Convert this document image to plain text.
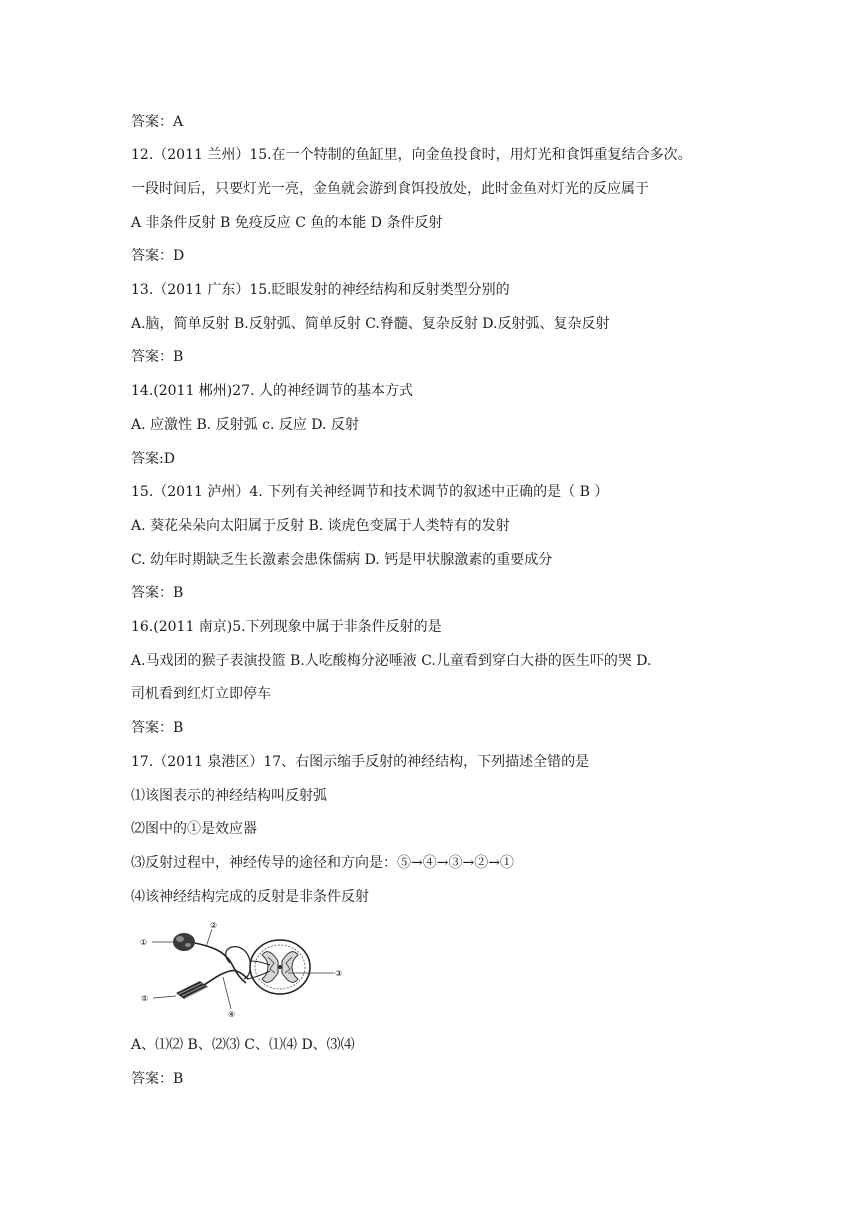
答案：A
12.（2011 兰州）15.在一个特制的鱼缸里，向金鱼投食时，用灯光和食饵重复结合多次。
一段时间后，只要灯光一亮，金鱼就会游到食饵投放处，此时金鱼对灯光的反应属于
A 非条件反射 B 免疫反应 C 鱼的本能 D 条件反射
答案：D
13.（2011 广东）15.眨眼发射的神经结构和反射类型分别的
A.脑，简单反射 B.反射弧、简单反射 C.脊髓、复杂反射 D.反射弧、复杂反射
答案：B
14.(2011 郴州)27. 人的神经调节的基本方式
A. 应激性 B. 反射弧 c. 反应 D. 反射
答案:D
15.（2011 泸州）4. 下列有关神经调节和技术调节的叙述中正确的是（ B ）
A. 葵花朵朵向太阳属于反射 B. 谈虎色变属于人类特有的发射
C. 幼年时期缺乏生长激素会患侏儒病 D. 钙是甲状腺激素的重要成分
答案：B
16.(2011 南京)5.下列现象中属于非条件反射的是
A.马戏团的猴子表演投篮 B.人吃酸梅分泌唾液 C.儿童看到穿白大褂的医生吓的哭 D.
司机看到红灯立即停车
答案：B
17.（2011 泉港区）17、右图示缩手反射的神经结构，下列描述全错的是
⑴该图表示的神经结构叫反射弧
⑵图中的①是效应器
⑶反射过程中，神经传导的途径和方向是：⑤→④→③→②→①
⑷该神经结构完成的反射是非条件反射
①
②
③
④
⑤
A、⑴⑵ B、⑵⑶ C、⑴⑷ D、⑶⑷
答案：B
